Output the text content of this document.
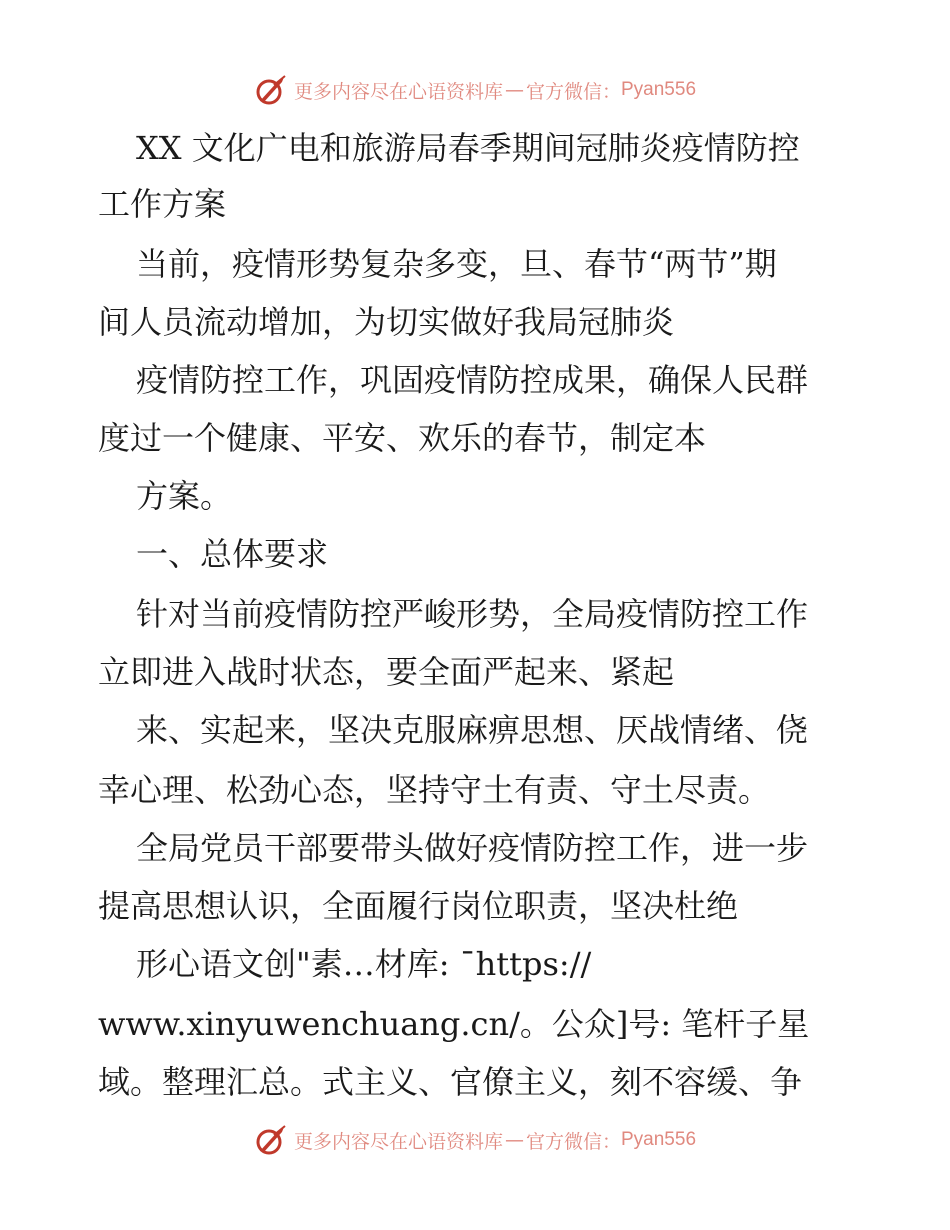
更多内容尽在心语资料库 — 官方微信： Pyan556
XX 文化广电和旅游局春季期间冠肺炎疫情防控
工作方案
当前，疫情形势复杂多变，旦、春节“两节”期
间人员流动增加，为切实做好我局冠肺炎
疫情防控工作，巩固疫情防控成果，确保人民群
度过一个健康、平安、欢乐的春节，制定本
方案。
一、总体要求
针对当前疫情防控严峻形势，全局疫情防控工作
立即进入战时状态，要全面严起来、紧起
来、实起来，坚决克服麻痹思想、厌战情绪、侥
幸心理、松劲心态，坚持守土有责、守土尽责。
全局党员干部要带头做好疫情防控工作，进一步
提高思想认识，全面履行岗位职责，坚决杜绝
形心语文创"素…材库: ¯https://
www.xinyuwenchuang.cn/。公众]号: 笔杆子星
域。整理汇总。式主义、官僚主义，刻不容缓、争
更多内容尽在心语资料库 — 官方微信： Pyan556
